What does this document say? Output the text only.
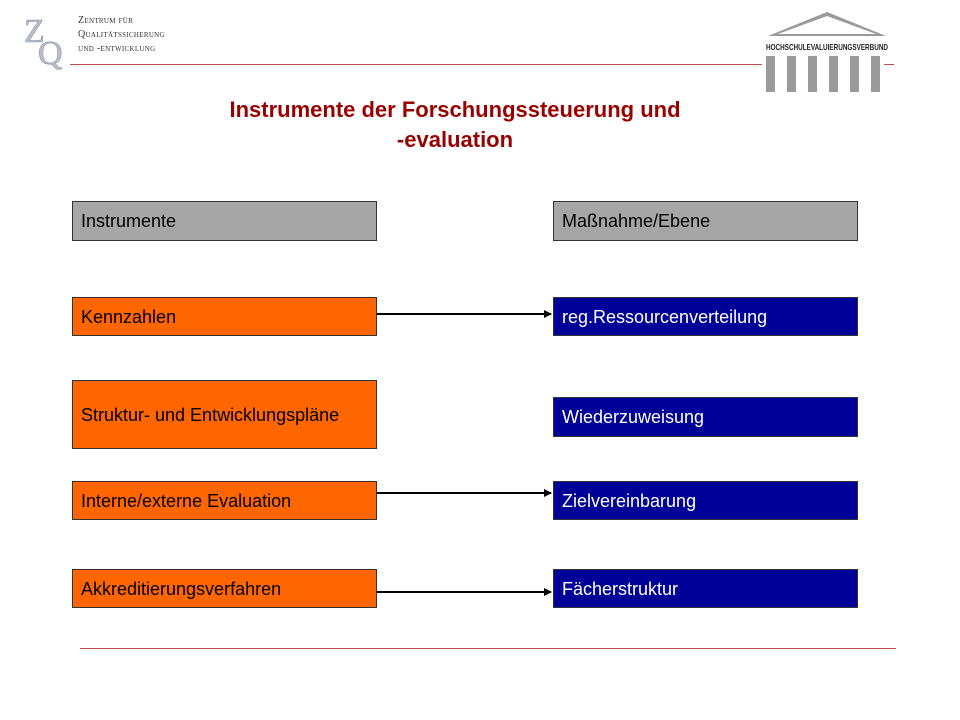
Z
Q
Zentrum für
Qualitätssicherung
und -entwicklung	HOCHSCHULEVALUIERUNGSVERBUND
Instrumente der Forschungssteuerung und
-evaluation
Instrumente	Maßnahme/Ebene
Kennzahlen
Struktur- und Entwicklungspläne
Interne/externe Evaluation
Akkreditierungsverfahren
reg.Ressourcenverteilung
Wiederzuweisung
Zielvereinbarung
Fächerstruktur
